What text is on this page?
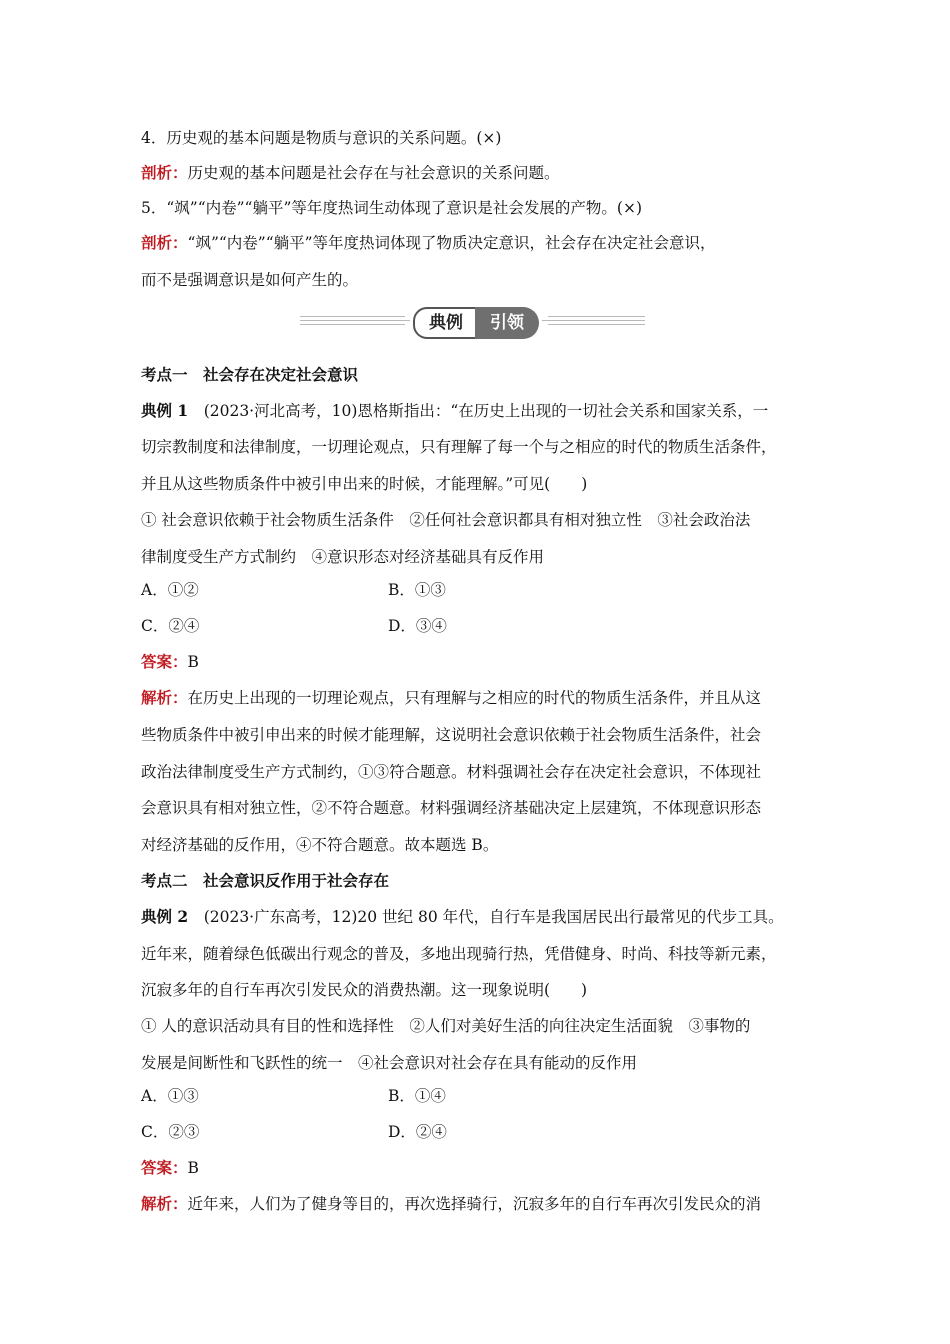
4．历史观的基本问题是物质与意识的关系问题。(×)
剖析：历史观的基本问题是社会存在与社会意识的关系问题。
5．“飒”“内卷”“躺平”等年度热词生动体现了意识是社会发展的产物。(×)
剖析：“飒”“内卷”“躺平”等年度热词体现了物质决定意识，社会存在决定社会意识，
而不是强调意识是如何产生的。
典例	引领
考点一　社会存在决定社会意识
典例 1　(2023·河北高考，10)恩格斯指出：“在历史上出现的一切社会关系和国家关系，一
切宗教制度和法律制度，一切理论观点，只有理解了每一个与之相应的时代的物质生活条件，
并且从这些物质条件中被引申出来的时候，才能理解。”可见(　　)
① 社会意识依赖于社会物质生活条件　②任何社会意识都具有相对独立性　③社会政治法
律制度受生产方式制约　④意识形态对经济基础具有反作用
A．①②	B．①③
C．②④	D．③④
答案：B
解析：在历史上出现的一切理论观点，只有理解与之相应的时代的物质生活条件，并且从这
些物质条件中被引申出来的时候才能理解，这说明社会意识依赖于社会物质生活条件，社会
政治法律制度受生产方式制约，①③符合题意。材料强调社会存在决定社会意识，不体现社
会意识具有相对独立性，②不符合题意。材料强调经济基础决定上层建筑，不体现意识形态
对经济基础的反作用，④不符合题意。故本题选 B。
考点二　社会意识反作用于社会存在
典例 2　(2023·广东高考，12)20 世纪 80 年代，自行车是我国居民出行最常见的代步工具。
近年来，随着绿色低碳出行观念的普及，多地出现骑行热，凭借健身、时尚、科技等新元素，
沉寂多年的自行车再次引发民众的消费热潮。这一现象说明(　　)
① 人的意识活动具有目的性和选择性　②人们对美好生活的向往决定生活面貌　③事物的
发展是间断性和飞跃性的统一　④社会意识对社会存在具有能动的反作用
A．①③	B．①④
C．②③	D．②④
答案：B
解析：近年来，人们为了健身等目的，再次选择骑行，沉寂多年的自行车再次引发民众的消
